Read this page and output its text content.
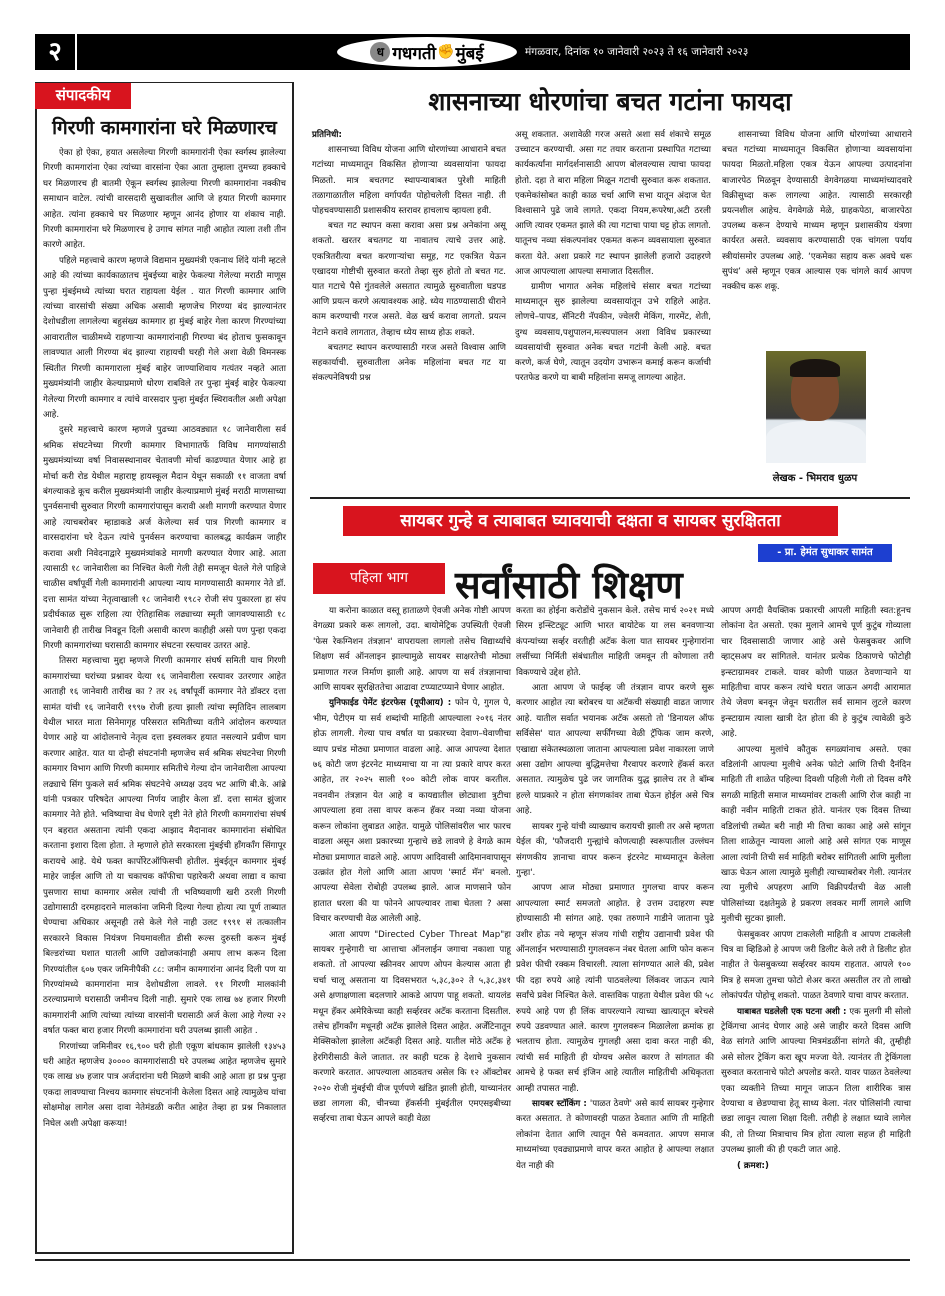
२	ध गधगती ✊ मुंबई	मंगळवार, दिनांक १० जानेवारी २०२३ ते १६ जानेवारी २०२३
संपादकीय
गिरणी कामगारांना घरे मिळणारच

ऐका हो ऐका, हयात असलेल्या गिरणी कामगारांनी ऐका स्वर्गस्थ झालेल्या गिरणी कामगारांना ऐका त्यांच्या वारसांना ऐका आता तुम्हाला तुमच्या हक्काचे घर मिळणारच ही बातमी ऐकून स्वर्गस्थ झालेल्या गिरणी कामगारांना नक्कीच समाधान वाटेल. त्यांची वारसदारी सुखावतील आणि जे हयात गिरणी कामगार आहेत. त्यांना हक्काचे घर मिळणार म्हणून आनंद होणार या शंकाच नाही. गिरणी कामगारांना घरे मिळणारच हे उगाच सांगत नाही आहोत त्याला तशी तीन कारणे आहेत.

पहिले महत्त्वाचे कारण म्हणजे विद्यमान मुख्यमंत्री एकनाथ शिंदे यांनी म्हटले आहे की त्यांच्या कार्यकाळातच मुंबईच्या बाहेर फेकल्या गेलेल्या मराठी माणूस पुन्हा मुंबईमध्ये त्यांच्या घरात राहायला येईल . यात गिरणी कामगार आणि त्यांच्या वारसांची संख्या अधिक असावी म्हणजेच गिरण्या बंद झाल्यानंतर देशोधडीला लागलेल्या बहुसंख्य कामगार हा मुंबई बाहेर गेला कारण गिरण्यांच्या आवारातील चाळीमध्ये राहणाऱ्या कामगारांनाही गिरण्या बंद होताच फुसकावून लावण्यात आली गिरण्या बंद झाल्या राहायची घरही गेले अशा वेळी विमनस्क स्थितीत गिरणी कामगाराला मुंबई बाहेर जाण्याशिवाय गत्यंतर नव्हते आता मुख्यमंत्र्यांनी जाहीर केल्याप्रमाणे धोरण राबविले तर पुन्हा मुंबई बाहेर फेकल्या गेलेल्या गिरणी कामगार व त्यांचे वारसदार पुन्हा मुंबईत स्थिरावतील अशी अपेक्षा आहे.

दुसरे महत्त्वाचे कारण म्हणजे पुढच्या आठवड्यात १८ जानेवारीला सर्व श्रमिक संघटनेच्या गिरणी कामगार विभागातर्फे विविध मागण्यांसाठी मुख्यमंत्र्यांच्या वर्षा निवासस्थानावर चेतावणी मोर्चा काढण्यात येणार आहे हा मोर्चा करी रोड येथील महाराष्ट्र हायस्कूल मैदान येथून सकाळी ११ वाजता वर्षा बंगल्याकडे कूच करील मुख्यमंत्र्यांनी जाहीर केल्याप्रमाणे मुंबई मराठी माणसाच्या पुनर्वसनाची सुरुवात गिरणी कामगारांपासून करावी अशी मागणी करण्यात येणार आहे त्याचबरोबर म्हाडाकडे अर्ज केलेल्या सर्व पात्र गिरणी कामगार व वारसदारांना घरे देऊन त्यांचे पुनर्वसन करण्याचा कालबद्ध कार्यक्रम जाहीर करावा अशी निवेदनाद्वारे मुख्यमंत्र्यांकडे मागणी करण्यात येणार आहे. आता त्यासाठी १८ जानेवारीला का निश्चित केली गेली तेही समजून घेतले गेले पाहिजे चाळीस वर्षांपूर्वी गेली कामगारांनी आपल्या न्याय मागण्यासाठी कामगार नेते डॉ. दत्ता सामंत यांच्या नेतृत्वाखाली १८ जानेवारी १९८२ रोजी संप पुकारला हा संप प्रदीर्घकाळ सुरू राहिला त्या ऐतिहासिक लढ्याच्या स्मृती जागवण्यासाठी १८ जानेवारी ही तारीख निवडून दिली असावी कारण काहीही असो पण पुन्हा एकदा गिरणी कामगारांच्या घरासाठी कामगार संघटना रस्त्यावर उतरत आहे.

तिसरा महत्त्वाचा मुद्दा म्हणजे गिरणी कामगार संघर्ष समिती याच गिरणी कामगारांच्या घरांच्या प्रश्नावर येत्या १६ जानेवारीला रस्त्यावर उतरणार आहेत आताही १६ जानेवारी तारीख का ? तर २६ वर्षांपूर्वी कामगार नेते डॉक्टर दत्ता सामंत यांची १६ जानेवारी १९९७ रोजी हत्या झाली त्यांचा स्मृतिदिन लालबाग येथील भारत माता सिनेमागृह परिसरात समितीच्या वतीने आंदोलन करण्यात येणार आहे या आंदोलनाचे नेतृत्व दत्ता इस्वलकर हयात नसल्याने प्रवीण घाग करणार आहेत. यात या दोन्ही संघटनांनी म्हणजेच सर्व श्रमिक संघटनेचा गिरणी कामगार विभाग आणि गिरणी कामगार समितीचे गेल्या दोन जानेवारीला आपल्या लढ्याचे सिंग फुकले सर्व श्रमिक संघटनेचे अध्यक्ष उदय भट आणि बी.के. आंब्रे यांनी पत्रकार परिषदेत आपल्या निर्णय जाहीर केला डॉ. दत्ता सामंत झुंजार कामगार नेते होते. भविष्याचा वेध घेणारे दृष्टी नेते होते गिरणी कामगारांचा संघर्ष एन बहरात असताना त्यांनी एकदा आझाद मैदानावर कामगारांना संबोधित करताना इशारा दिला होता. ते म्हणाले होते सरकारला मुंबईची हॉंगकॉंग सिंगापूर करायचे आहे. येथे फक्त कार्पोरेटऑफिसची होतील. मुंबईतून कामगार मुंबई माहेर जाईल आणि तो या चकाचक कॉफीचा पहारेकरी अथवा लाद्या व काचा पुसणारा साधा कामगार असेल त्यांची ती भविष्यवाणी खरी ठरली गिरणी उद्योगासाठी दरमहादराने मालकांना जमिनी दिल्या गेल्या होत्या त्या पूर्ण ताब्यात घेण्याचा अधिकार असूनही तसे केले गेले नाही उलट १९९१ सं तत्कालीन सरकारने विकास नियंत्रण नियमावलीत डीसी रूल्स दुरुस्ती करून मुंबई बिल्डरांच्या घशात घातली आणि उद्योजकांनाही अमाप लाभ करून दिला गिरण्यांतील ६०७ एकर जमिनीपैकी ८८: जमीन कामगारांना आनंद दिली पण या गिरण्यांमध्ये कामगारांना मात्र देशोधडीला लावले. ११ गिरणी मालकांनी ठरल्याप्रमाणे घरासाठी जमीनच दिली नाही. सुमारे एक लाख ७४ हजार गिरणी कामगारांनी आणि त्यांच्या त्यांच्या वारसांनी घरासाठी अर्ज केला आहे गेल्या २२ वर्षात फक्त बारा हजार गिरणी कामगारांना घरी उपलब्ध झाली आहेत .

गिरणांच्या जमिनीवर १६,९०० घरी होती एकूण बांधकाम झालेली १३४५३ घरी आहेत म्हणजेच ३०००० कामगारांसाठी घरे उपलब्ध आहेत म्हणजेच सुमारे एक लाख ४७ हजार पात्र अर्जदारांना घरी मिळणे बाकी आहे आता हा प्रश्न पुन्हा एकदा लावण्याचा निश्चय कामगार संघटनांनी केलेला दिसत आहे त्यामुळेच यांचा सोक्षमोक्ष लागेल असा दावा नेतेमंडळी करीत आहेत तेव्हा हा प्रश्न निकालात निघेल अशी अपेक्षा करूया!

शासनाच्या धोरणांचा बचत गटांना फायदा

प्रतिनिधी:

शासनाच्या विविध योजना आणि धोरणांच्या आधाराने बचत गटांच्या माध्यमातून विकसित होणाऱ्या व्यवसायांना फायदा मिळतो. मात्र बचतगट स्थापन्याबाबत पुरेशी माहिती तळागाळातील महिला वर्गापर्यंत पोहोचलेली दिसत नाही. ती पोहचवण्यासाठी प्रशासकीय स्तरावर हाचलाच व्हायला हवी.

बचत गट स्थापन कसा करावा असा प्रश्न अनेकांना असू शकतो. खरतर बचतगट या नावातच त्याचे उत्तर आहे. एकत्रितरीत्या बचत करणाऱ्यांचा समूह, गट एकत्रित येऊन एखादया गोष्टीची सुरुवात करतो तेव्हा सुरु होतो तो बचत गट. यात गटाचे पैसे गुंतवलेले असतात त्यामुळे सुरुवातीला घडपड आणि प्रयत्न करणे अत्यावश्यक आहे. ध्येय गाठण्यासाठी धीराने काम करण्याची गरज असते. वेळ खर्च करावा लागतो. प्रयत्न नेटाने करावे लागतात, तेव्हाच ध्येय साध्य होऊ शकते.

बचतगट स्थापन करण्यासाठी गरज असते विश्वास आणि सहकार्याची. सुरुवातीला अनेक महिलांना बचत गट या संकल्पनेविषयी प्रश्न

असू शकतात. अशावेळी गरज असते अशा सर्व शंकाचे समूळ उच्चाटन करण्याची. असा गट तयार करताना प्रस्थापित गटाच्या कार्यकर्त्यांना मार्गदर्शनासाठी आपण बोलवल्यास त्याचा फायदा होतो. दहा ते बारा महिला मिळून गटाची सुरुवात करू शकतात. एकमेकांसोबत काही काळ चर्चा आणि सभा यातून अंदाज घेत विश्वासाने पुढे जावे लागते. एकदा नियम,रूपरेषा,अटी ठरली आणि त्यावर एकमत झाले की त्या गटाचा पाया घट्ट होऊ लागतो. यातूनच नव्या संकल्पनांवर एकमत करून व्यवसायाला सुरुवात करता येते. अशा प्रकारे गट स्थापन झालेली हजारो उदाहरणे आज आपल्याला आपल्या समाजात दिसतील.

ग्रामीण भागात अनेक महिलांचे संसार बचत गटांच्या माध्यमातून सुरु झालेल्या व्यवसायांतून उभे राहिले आहेत. लोणचे–पापड, सॅनिटरी नॅपकीन, ज्वेलरी मेकिंग, गारमेंट, शेती, दुग्ध व्यवसाय,पशुपालन,मत्स्यपालन अशा विविध प्रकारच्या व्यवसायांची सुरुवात अनेक बचत गटांनी केली आहे. बचत करणे, कर्ज घेणे, त्यातून उदयोग उभारून कमाई करून कर्जाची परतफेड करणे या बाबी महिलांना समजू लागल्या आहेत.

शासनाच्या विविध योजना आणि धोरणांच्या आधाराने बचत गटांच्या माध्यमातून विकसित होणाऱ्या व्यवसायांना फायदा मिळतो.महिला एकत्र येऊन आपल्या उत्पादनांना बाजारपेठ मिळवून देण्यासाठी वेगवेगळया माध्यमांच्यादवारे विक्रीसुध्दा करू लागल्या आहेत. त्यासाठी सरकारही प्रयत्नशील आहेच. वेगवेगळे मेळे, ग्राहकपेठा, बाजारपेठा उपलब्ध करून देण्याचे माध्यम म्हणून प्रशासकीय यंत्रणा कार्यरत असते. व्यवसाय करण्यासाठी एक चांगला पर्याय स्त्रीयांसमोर उपलब्ध आहे. ‘एकमेका सहाय करू अवघे धरू सुपंथ’ असे म्हणून एकत्र आल्यास एक चांगले कार्य आपण नक्कीच करू शकू.

लेखक - भिमराव धुळप
सायबर गुन्हे व त्याबाबत घ्यावयाची दक्षता व सायबर सुरक्षितता
- प्रा. हेमंत सुधाकर सामंत
पहिला भाग	सर्वांसाठी शिक्षण

या करोना काळात वस्तू हाताळणे ऐवजी अनेक गोष्टी आपण वेगळ्या प्रकारे करू लागलो, उदा. बायोमेट्रिक उपस्थिती ऐवजी 'फेस रेकग्निशन तंत्रज्ञान' वापरायला लागलो तसेच विद्यार्थ्यांचे शिक्षण सर्व ऑनलाइन झाल्यामुळे सायबर साक्षरतेची मोठ्या प्रमाणात गरज निर्माण झाली आहे. आपण या सर्व तंत्रज्ञानाचा आणि सायबर सुरक्षिततेचा आढावा टप्प्याटप्प्याने घेणार आहोत.

युनिफाईड पेमेंट इंटरफेस (यूपीआय) : फोन पे, गुगल पे, भीम, पेटीएम या सर्व शब्दांची माहिती आपल्याला २०१६ नंतर होऊ लागली. गेल्या पाच वर्षात या प्रकारच्या देवाण–घेवाणीचा व्याप प्रचंड मोठ्या प्रमाणात वाढला आहे. आज आपल्या देशात ७६ कोटी जण इंटरनेट माध्यमाचा या ना त्या प्रकारे वापर करत आहेत, तर २०२५ साली १०० कोटी लोक वापर करतील. नवनवीन तंत्रज्ञान येत आहे व कायद्यातील छोट्याशा त्रुटीचा आपल्याला हवा तसा वापर करून हॅकर नव्या नव्या योजना करून लोकांना लुबाडत आहेत. यामुळे पोलिसांवरील भार फारच वाढला असून अशा प्रकारच्या गुन्हाचे छडे लावणे हे वेगळे काम मोठ्या प्रमाणात वाढले आहे. आपण आदिवासी आदिमानवापासून उत्क्रांत होत गेलो आणि आता आपण 'स्मार्ट मॅन' बनलो. आपल्या सेवेला रोबोही उपलब्ध झाले. आज माणसाने फोन हातात धरला की या फोनने आपल्यावर ताबा घेतला ? असा विचार करण्याची वेळ आलेली आहे.

आता आपण "Directed Cyber Threat Map"हा सायबर गुन्हेगारी चा आत्ताचा ऑनलाईन जगाचा नकाशा पाहू शकतो. तो आपल्या स्क्रीनवर आपण ओपन केल्यास आता ही चर्चा चालू असताना या दिवसभरात ५,३८,३०२ ते ५,३८,३४१ असे क्षणाक्षणाला बदलणारे आकडे आपण पाहू शकतो. थायलंड मधून हॅकर अमेरिकेच्या काही सर्व्हरवर अटॅक करताना दिसतील. तसेच हॉंगकॉंग मधूनही अटॅक झालेले दिसत आहेत. अर्जेंटिनातून मेक्सिकोला झालेला अटॅकही दिसत आहे. यातील मोठे अटॅक हे हेरगिरीसाठी केले जातात. तर काही घटक हे देशाचे नुकसान करणारे करतात. आपल्याला आठवतच असेल कि १२ ऑक्टोबर २०२० रोजी मुंबईची वीज पूर्णपणे खंडित झाली होती, याच्यानंतर छडा लागला की, चीनच्या हॅकर्सनी मुंबईतील एमएसइबीच्या सर्व्हरचा ताबा घेऊन आपले काही वेळा

करता का होईना करोडोंचे नुकसान केले. तसेच मार्च २०२१ मध्ये सिरम इन्स्टिट्यूट आणि भारत बायोटेक या लस बनवणाऱ्या कंपन्यांच्या सर्व्हर वरतीही अटॅक केला यात सायबर गुन्हेगारांना लसींच्या निर्मिती संबंधातील माहिती जमवून ती कोणाला तरी विकण्याचे उद्देश होते.

आता आपण जे फाईव्ह जी तंत्रज्ञान वापर करणे सुरू करणार आहोत त्या बरोबरच या अटॅकची संख्याही वाढत जाणार आहे. यातील सर्वात भयानक अटॅक असतो तो 'डिनायल ऑफ सर्विसेस' यात आपल्या सर्फींगच्या वेळी ट्रॅफिक जाम करणे, एखाद्या संकेतस्थळाला जाताना आपल्याला प्रवेश नाकारला जाणे असा उद्योग आपल्या बुद्धिमत्तेचा गैरवापर करणारे हॅकर्स करत असतात. त्यामुळेच पुढे जर जागतिक युद्ध झालेच तर ते बॉम्ब हल्ले याप्रकारे न होता संगणकांवर ताबा घेऊन होईल असे चित्र आहे.

सायबर गुन्हे यांची व्याख्याच करायची झाली तर असे म्हणता येईल की, 'फौजदारी गुन्ह्यांचे कोणत्याही स्वरूपातील उल्लंघन संगणकीय ज्ञानाचा वापर करून इंटरनेट माध्यमातून केलेला गुन्हा'.

आपण आज मोठ्या प्रमाणात गुगलचा वापर करून आपल्याला स्मार्ट समजतो आहोत. हे उत्तम उदाहरण स्पष्ट होण्यासाठी मी सांगत आहे. एका तरुणाने गाडीने जाताना पुढे उशीर होऊ नये म्हणून संजय गांधी राष्ट्रीय उद्यानाची प्रवेश फी ऑनलाईन भरण्यासाठी गुगलवरून नंबर घेतला आणि फोन करून प्रवेश फीची रक्कम विचारली. त्याला सांगण्यात आले की, प्रवेश फी दहा रुपये आहे त्यांनी पाठवलेल्या लिंकवर जाऊन त्याने सर्वांचे प्रवेश निश्चित केले. वास्तविक पाहता येथील प्रवेश फी ५८ रुपये आहे पण ही लिंक वापरल्याने त्याच्या खात्यातून बरेचसे रुपये उडवण्यात आले. कारण गुगलवरून मिळालेला क्रमांक हा भलताच होता. त्यामुळेच गुगलही असा दावा करत नाही की, त्यांची सर्व माहिती ही योग्यच असेल कारण ते सांगतात की आमचे हे फक्त सर्च इंजिन आहे त्यातील माहितीची अधिकृतता आम्ही तपासत नाही.

सायबर स्टॉकिंग : 'पाळत ठेवणे' असे कार्य सायबर गुन्हेगार करत असतात. ते कोणावरही पाळत ठेवतात आणि ती माहिती लोकांना देतात आणि त्यातून पैसे कमवतात. आपण समाज माध्यमांच्या एवढ्याप्रमाणे वापर करत आहोत हे आपल्या लक्षात येत नाही की

आपण अगदी वैयक्तिक प्रकारची आपली माहिती स्वत:हूनच लोकांना देत असतो. एका मुलाने आमचे पूर्ण कुटुंब गोव्याला चार दिवसासाठी जाणार आहे असे फेसबुकवर आणि व्हाट्सअप वर सांगितले. यानंतर प्रत्येक ठिकाणचे फोटोही इन्स्टाग्रामवर टाकले. यावर कोणी पाळत ठेवणाऱ्याने या माहितीचा वापर करून त्यांचे घरात जाऊन अगदी आरामात तेथे जेवण बनवून जेवून घरातील सर्व सामान लुटले कारण इन्स्टाग्राम त्याला खात्री देत होता की हे कुटुंब त्यावेळी कुठे आहे.

आपल्या मुलांचे कौतुक सगळ्यांनाच असते. एका वडिलांनी आपल्या मुलीचे अनेक फोटो आणि तिची दैनंदिन माहिती ती शाळेत पहिल्या दिवशी पहिली गेली तो दिवस वगैरे सगळी माहिती समाज माध्यमांवर टाकली आणि रोज काही ना काही नवीन माहिती टाकत होते. यानंतर एक दिवस तिच्या वडिलांची तब्येत बरी नाही मी तिचा काका आहे असे सांगून तिला शाळेतून न्यायला आलो आहे असे सांगत एक माणूस आला त्यांनी तिची सर्व माहिती बरोबर सांगितली आणि मुलीला खाऊ घेऊन आला त्यामुळे मुलीही त्याच्याबरोबर गेली. त्यानंतर त्या मुलीचे अपहरण आणि विक्रीपर्यंतची वेळ आली पोलिसांच्या दक्षतेमुळे हे प्रकरण लवकर मार्गी लागले आणि मुलीची सुटका झाली.

फेसबुकवर आपण टाकलेली माहिती व आपण टाकलेली चित्र वा व्हिडिओ हे आपण जरी डिलीट केले तरी ते डिलीट होत नाहीत ते फेसबुकच्या सर्व्हरवर कायम राहतात. आपले १०० मित्र हे समजा तुमचा फोटो शेअर करत असतील तर तो लाखो लोकांपर्यंत पोहोचू शकतो. पाळत ठेवणारे याचा वापर करतात.

याबाबत घडलेली एक घटना अशी : एक मुलगी मी सोलो ट्रेकिंगचा आनंद घेणार आहे असे जाहीर करते दिवस आणि वेळ सांगते आणि आपल्या मित्रमंडळींना सांगते की, तुम्हीही असे सोलर ट्रेकिंग करा खूप मज्जा येते. त्यानंतर ती ट्रेकिंगला सुरुवात करतानाचे फोटो अपलोड करते. यावर पाळत ठेवलेल्या एका व्यक्तीने तिच्या मागून जाऊन तिला शारीरिक त्रास देण्याचा व छेडण्याचा हेतू साध्य केला. नंतर पोलिसांनी त्याचा छडा लावून त्याला शिक्षा दिली. तरीही हे लक्षात घ्यावे लागेल की, तो तिच्या मित्राचाच मित्र होता त्याला सहज ही माहिती उपलब्ध झाली की ही एकटी जात आहे.

( क्रमश:)
